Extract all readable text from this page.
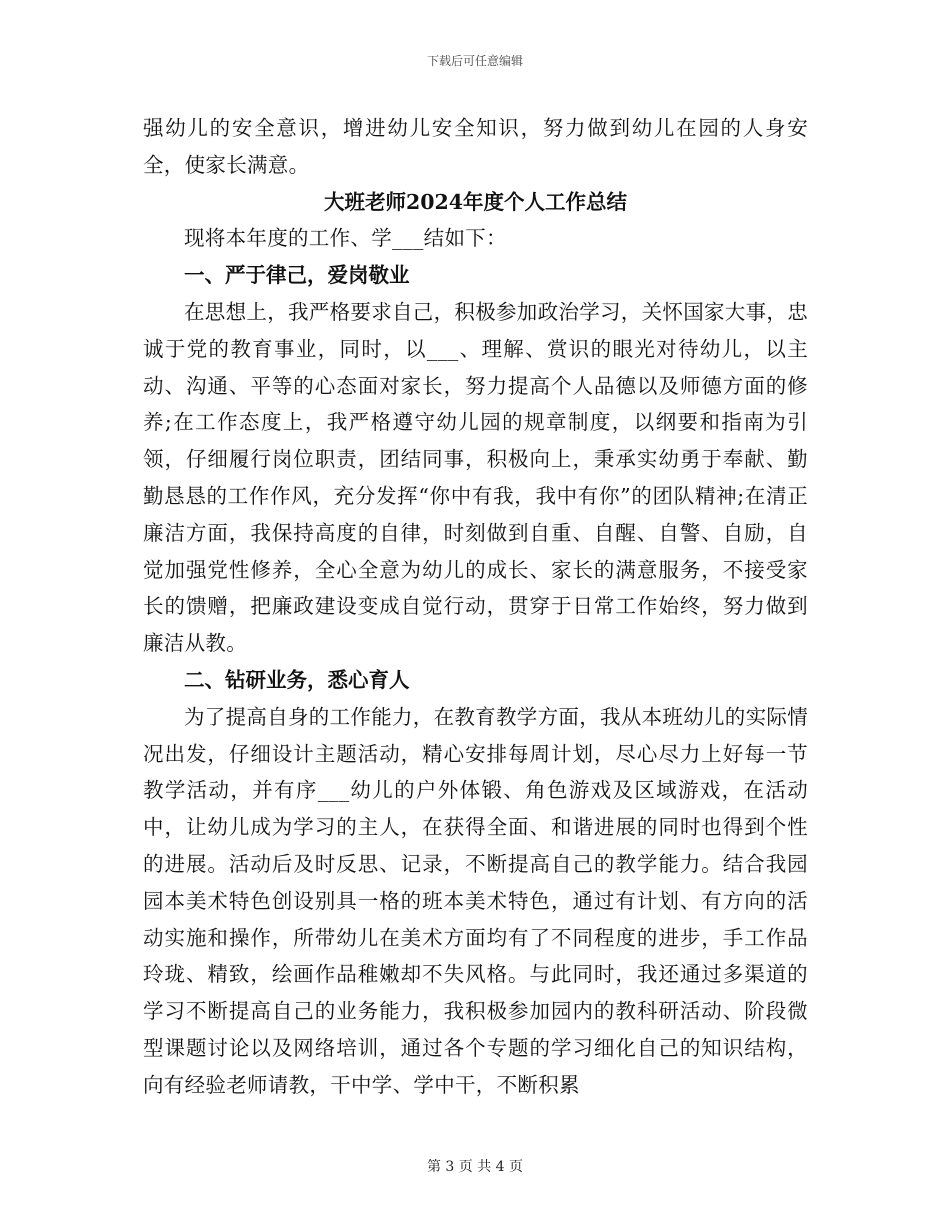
下载后可任意编辑

强幼儿的安全意识，增进幼儿安全知识，努力做到幼儿在园的人身安全，使家长满意。

大班老师2024年度个人工作总结

现将本年度的工作、学___结如下：

一、严于律己，爱岗敬业

在思想上，我严格要求自己，积极参加政治学习，关怀国家大事，忠诚于党的教育事业，同时，以___、理解、赏识的眼光对待幼儿，以主动、沟通、平等的心态面对家长，努力提高个人品德以及师德方面的修养;在工作态度上，我严格遵守幼儿园的规章制度，以纲要和指南为引领，仔细履行岗位职责，团结同事，积极向上，秉承实幼勇于奉献、勤勤恳恳的工作作风，充分发挥“你中有我，我中有你”的团队精神;在清正廉洁方面，我保持高度的自律，时刻做到自重、自醒、自警、自励，自觉加强党性修养，全心全意为幼儿的成长、家长的满意服务，不接受家长的馈赠，把廉政建设变成自觉行动，贯穿于日常工作始终，努力做到廉洁从教。

二、钻研业务，悉心育人

为了提高自身的工作能力，在教育教学方面，我从本班幼儿的实际情况出发，仔细设计主题活动，精心安排每周计划，尽心尽力上好每一节教学活动，并有序___幼儿的户外体锻、角色游戏及区域游戏，在活动中，让幼儿成为学习的主人，在获得全面、和谐进展的同时也得到个性的进展。活动后及时反思、记录，不断提高自己的教学能力。结合我园园本美术特色创设别具一格的班本美术特色，通过有计划、有方向的活动实施和操作，所带幼儿在美术方面均有了不同程度的进步，手工作品玲珑、精致，绘画作品稚嫩却不失风格。与此同时，我还通过多渠道的学习不断提高自己的业务能力，我积极参加园内的教科研活动、阶段微型课题讨论以及网络培训，通过各个专题的学习细化自己的知识结构，向有经验老师请教，干中学、学中干，不断积累

第 3 页 共 4 页
